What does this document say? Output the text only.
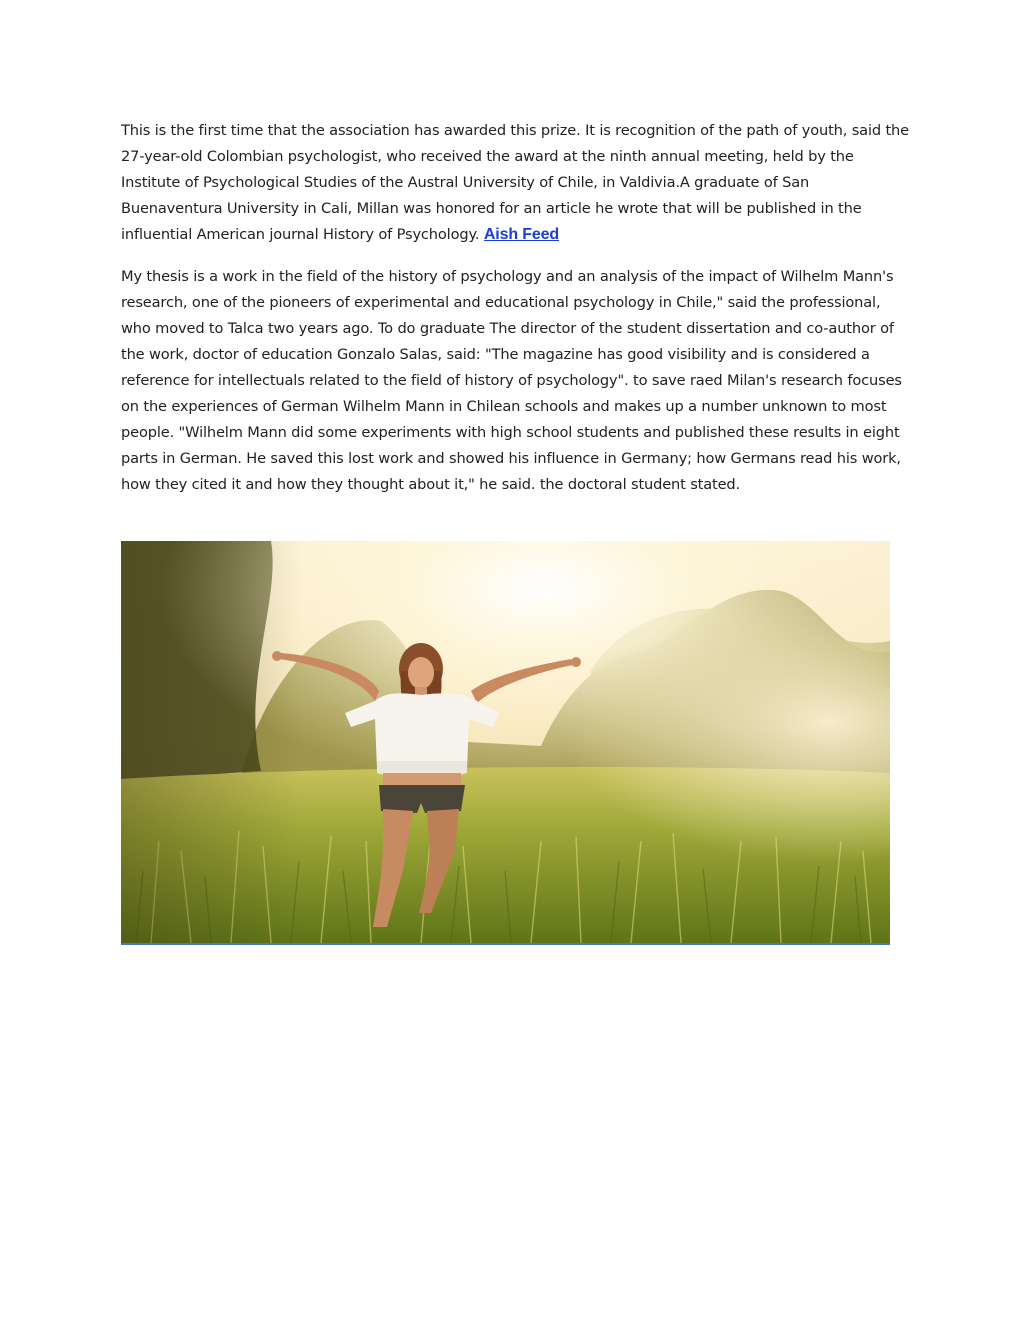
This is the first time that the association has awarded this prize. It is recognition of the path of youth, said the 27-year-old Colombian psychologist, who received the award at the ninth annual meeting, held by the Institute of Psychological Studies of the Austral University of Chile, in Valdivia.A graduate of San Buenaventura University in Cali, Millan was honored for an article he wrote that will be published in the influential American journal History of Psychology. Aish Feed

My thesis is a work in the field of the history of psychology and an analysis of the impact of Wilhelm Mann's research, one of the pioneers of experimental and educational psychology in Chile," said the professional, who moved to Talca two years ago. To do graduate The director of the student dissertation and co-author of the work, doctor of education Gonzalo Salas, said: "The magazine has good visibility and is considered a reference for intellectuals related to the field of history of psychology". to save raed Milan's research focuses on the experiences of German Wilhelm Mann in Chilean schools and makes up a number unknown to most people. "Wilhelm Mann did some experiments with high school students and published these results in eight parts in German. He saved this lost work and showed his influence in Germany; how Germans read his work, how they cited it and how they thought about it," he said. the doctoral student stated.
